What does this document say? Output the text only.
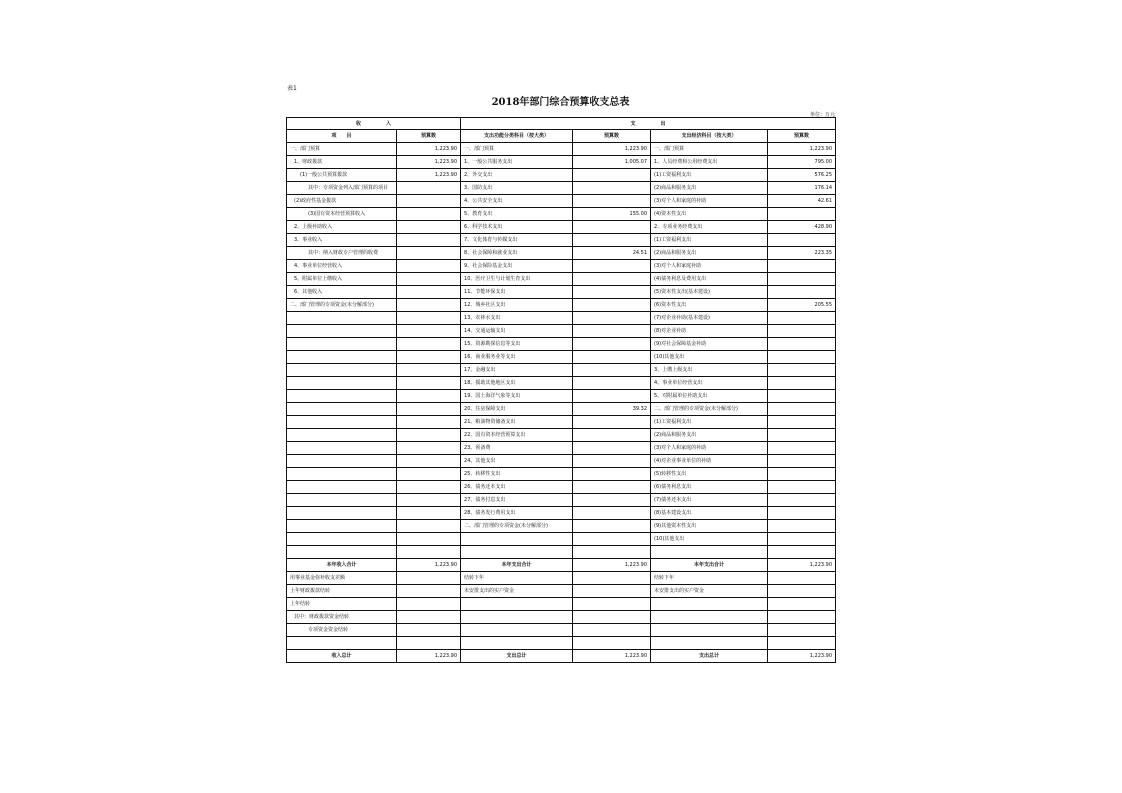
表1
2018年部门综合预算收支总表
单位：万元
收　　　　　入		支　　　　　出			
项　　目	预算数	支出功能分类科目（按大类）	预算数	支出经济科目（按大类）	预算数
一、部门预算	1,223.90	一、部门预算	1,223.90	一、部门预算	1,223.90
1、财政拨款	1,223.90	1、一般公共服务支出	1,005.07	1、人员经费和公用经费支出	795.00
(1)一般公共预算拨款	1,223.90	2、外交支出		(1)工资福利支出	576.25
其中：专项资金列入部门预算的项目		3、国防支出		(2)商品和服务支出	176.14
(2)政府性基金拨款		4、公共安全支出		(3)对个人和家庭的补助	42.61
(3)国有资本经营预算收入		5、教育支出	155.00	(4)资本性支出	
2、上级补助收入		6、科学技术支出		2、专项业务经费支出	428.90
3、事业收入		7、文化体育与传媒支出		(1)工资福利支出	
其中：纳入财政专户管理的收费		8、社会保障和就业支出	24.51	(2)商品和服务支出	223.35
4、事业单位经营收入		9、社会保险基金支出		(3)对个人和家庭补助	
5、附属单位上缴收入		10、医疗卫生与计划生育支出		(4)债务利息及费用支出	
6、其他收入		11、节能环保支出		(5)资本性支出(基本建设)	
二、部门管理的专项资金(未分解部分)		12、城乡社区支出		(6)资本性支出	205.55
		13、农林水支出		(7)对企业补助(基本建设)	
		14、交通运输支出		(8)对企业补助	
		15、资源勘探信息等支出		(9)对社会保障基金补助	
		16、商业服务业等支出		(10)其他支出	
		17、金融支出		3、上缴上级支出	
		18、援助其他地区支出		4、事业单位经营支出	
		19、国土海洋气象等支出		5、对附属单位补助支出	
		20、住房保障支出	39.32	二、部门管理的专项资金(未分解部分)	
		21、粮油物资储备支出		(1)工资福利支出	
		22、国有资本经营预算支出		(2)商品和服务支出	
		23、预备费		(3)对个人和家庭的补助	
		24、其他支出		(4)对企业事业单位的补助	
		25、转移性支出		(5)转移性支出	
		26、债务还本支出		(6)债务利息支出	
		27、债务付息支出		(7)债务还本支出	
		28、债务发行费用支出		(8)基本建设支出	
		二、部门管理的专项资金(未分解部分)		(9)其他资本性支出	
				(10)其他支出	

本年收入合计	1,223.90	本年支出合计	1,223.90	本年支出合计	1,223.90
用事业基金弥补收支差额		结转下年		结转下年	
上年财政拨款结转		未安排支出的实户资金		未安排支出的实户资金	
上年结转					
其中：财政拨款资金结转					
专项资金资金结转					

收入总计	1,223.90	支出总计	1,223.90	支出总计	1,223.90
